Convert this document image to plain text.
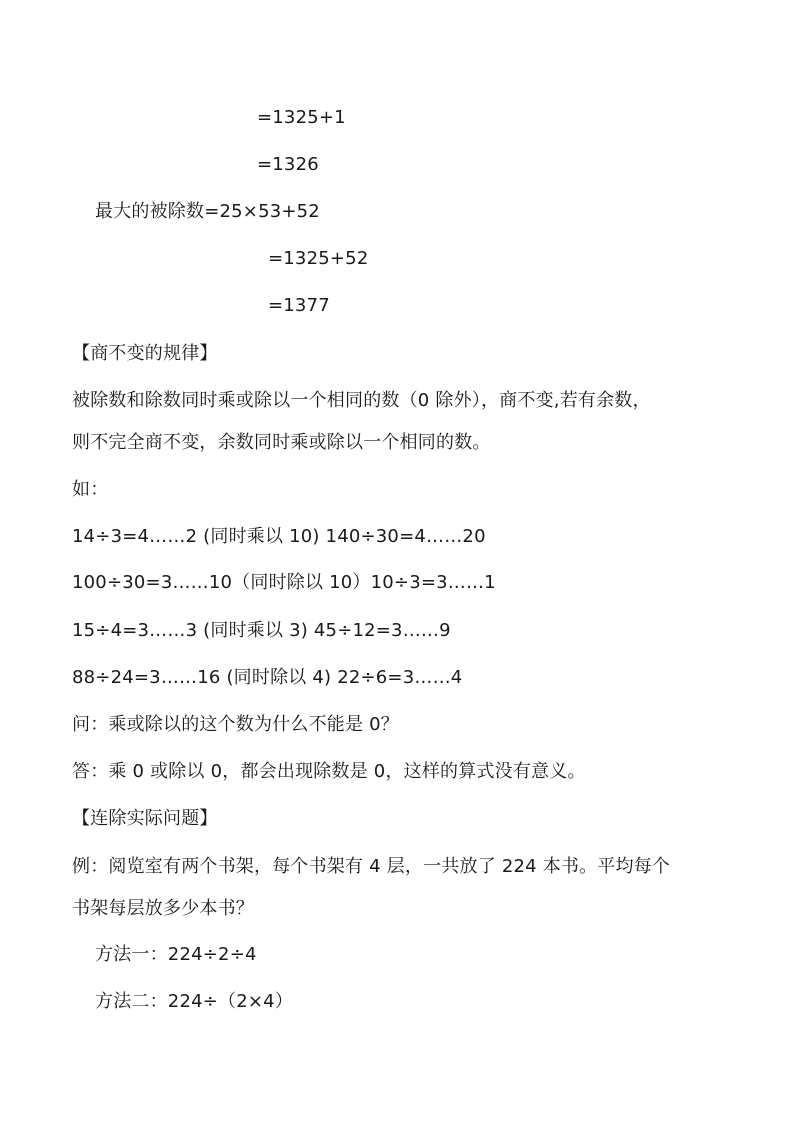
=1325+1
=1326
最大的被除数=25×53+52
=1325+52
=1377
【商不变的规律】
被除数和除数同时乘或除以一个相同的数（0 除外），商不变,若有余数，
则不完全商不变，余数同时乘或除以一个相同的数。
如：
14÷3=4……2 (同时乘以 10) 140÷30=4……20
100÷30=3……10（同时除以 10）10÷3=3……1
15÷4=3……3 (同时乘以 3) 45÷12=3……9
88÷24=3……16 (同时除以 4) 22÷6=3……4
问：乘或除以的这个数为什么不能是 0？
答：乘 0 或除以 0，都会出现除数是 0，这样的算式没有意义。
【连除实际问题】
例：阅览室有两个书架，每个书架有 4 层，一共放了 224 本书。平均每个
书架每层放多少本书？
方法一：224÷2÷4
方法二：224÷（2×4）
